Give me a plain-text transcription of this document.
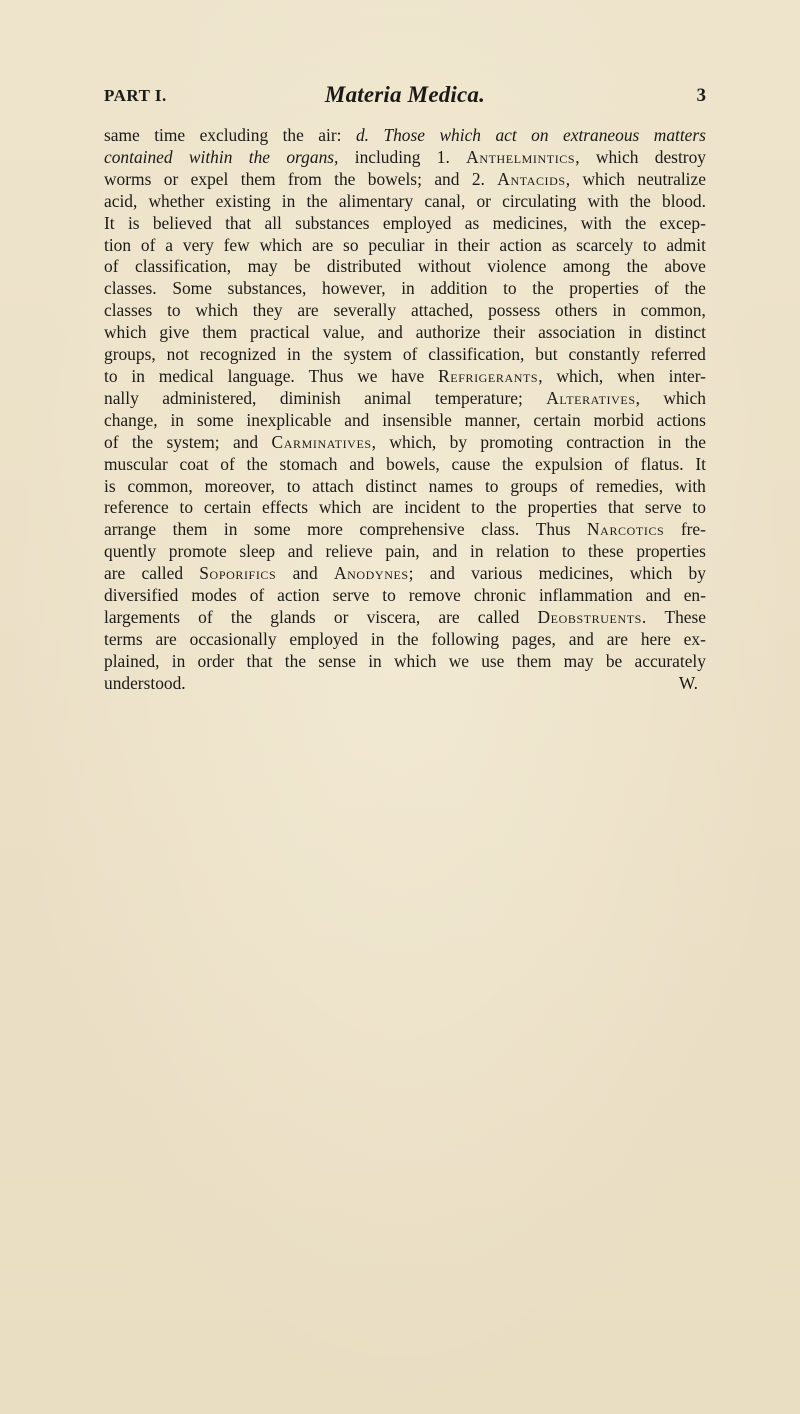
PART I.	Materia Medica.	3
same time excluding the air: d. Those which act on extraneous matters
contained within the organs, including 1. Anthelmintics, which destroy
worms or expel them from the bowels; and 2. Antacids, which neutralize
acid, whether existing in the alimentary canal, or circulating with the blood.
It is believed that all substances employed as medicines, with the excep-
tion of a very few which are so peculiar in their action as scarcely to admit
of classification, may be distributed without violence among the above
classes. Some substances, however, in addition to the properties of the
classes to which they are severally attached, possess others in common,
which give them practical value, and authorize their association in distinct
groups, not recognized in the system of classification, but constantly referred
to in medical language. Thus we have Refrigerants, which, when inter-
nally administered, diminish animal temperature; Alteratives, which
change, in some inexplicable and insensible manner, certain morbid actions
of the system; and Carminatives, which, by promoting contraction in the
muscular coat of the stomach and bowels, cause the expulsion of flatus. It
is common, moreover, to attach distinct names to groups of remedies, with
reference to certain effects which are incident to the properties that serve to
arrange them in some more comprehensive class. Thus Narcotics fre-
quently promote sleep and relieve pain, and in relation to these properties
are called Soporifics and Anodynes; and various medicines, which by
diversified modes of action serve to remove chronic inflammation and en-
largements of the glands or viscera, are called Deobstruents. These
terms are occasionally employed in the following pages, and are here ex-
plained, in order that the sense in which we use them may be accurately
understood.	W.
